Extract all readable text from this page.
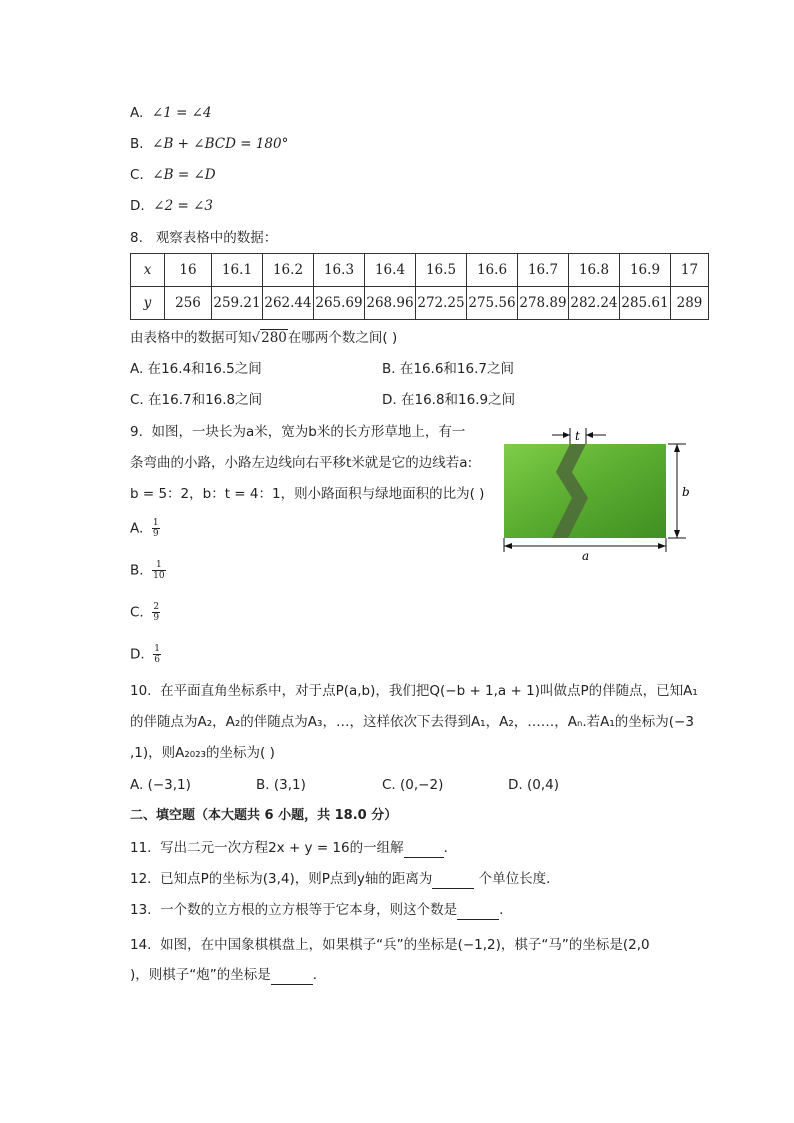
A. ∠1 = ∠4
B. ∠B + ∠BCD = 180°
C. ∠B = ∠D
D. ∠2 = ∠3
8. 观察表格中的数据：
x	16	16.1	16.2	16.3	16.4	16.5	16.6	16.7	16.8	16.9	17
y	256	259.21	262.44	265.69	268.96	272.25	275.56	278.89	282.24	285.61	289
由表格中的数据可知√280在哪两个数之间( )
A. 在16.4和16.5之间	B. 在16.6和16.7之间
C. 在16.7和16.8之间	D. 在16.8和16.9之间
9. 如图，一块长为a米，宽为b米的长方形草地上，有一
条弯曲的小路，小路左边线向右平移t米就是它的边线若a:
b = 5：2，b：t = 4：1，则小路面积与绿地面积的比为( )
t
b
a
A. $\frac{1}{9}$
B. $\frac{1}{10}$
C. $\frac{2}{9}$
D. $\frac{1}{6}$
10. 在平面直角坐标系中，对于点P(a,b)，我们把Q(−b + 1,a + 1)叫做点P的伴随点，已知A₁
的伴随点为A₂，A₂的伴随点为A₃，…，这样依次下去得到A₁，A₂，……，Aₙ.若A₁的坐标为(−3
,1)，则A₂₀₂₃的坐标为( )
A. (−3,1)	B. (3,1)	C. (0,−2)	D. (0,4)
二、填空题（本大题共 6 小题，共 18.0 分）
11. 写出二元一次方程2x + y = 16的一组解	．
12. 已知点P的坐标为(3,4)，则P点到y轴的距离为	个单位长度．
13. 一个数的立方根的立方根等于它本身，则这个数是	．
14. 如图，在中国象棋棋盘上，如果棋子“兵”的坐标是(−1,2)，棋子“马”的坐标是(2,0
)，则棋子“炮”的坐标是	．
